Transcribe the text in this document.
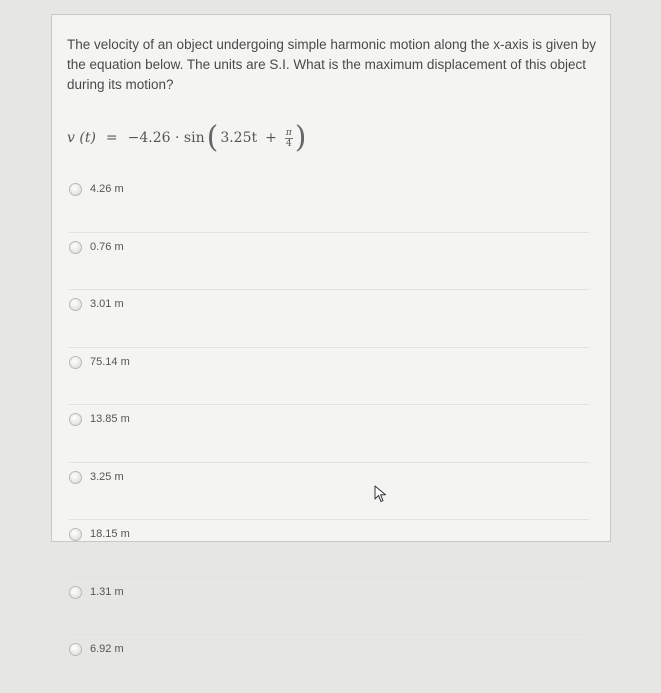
The velocity of an object undergoing simple harmonic motion along the x-axis is given by the equation below. The units are S.I. What is the maximum displacement of this object during its motion?
v (t) = −4.26 · sin ( $3.25t + \frac{\pi}{4}$ )
4.26 m
0.76 m
3.01 m
75.14 m
13.85 m
3.25 m
18.15 m
1.31 m
6.92 m
